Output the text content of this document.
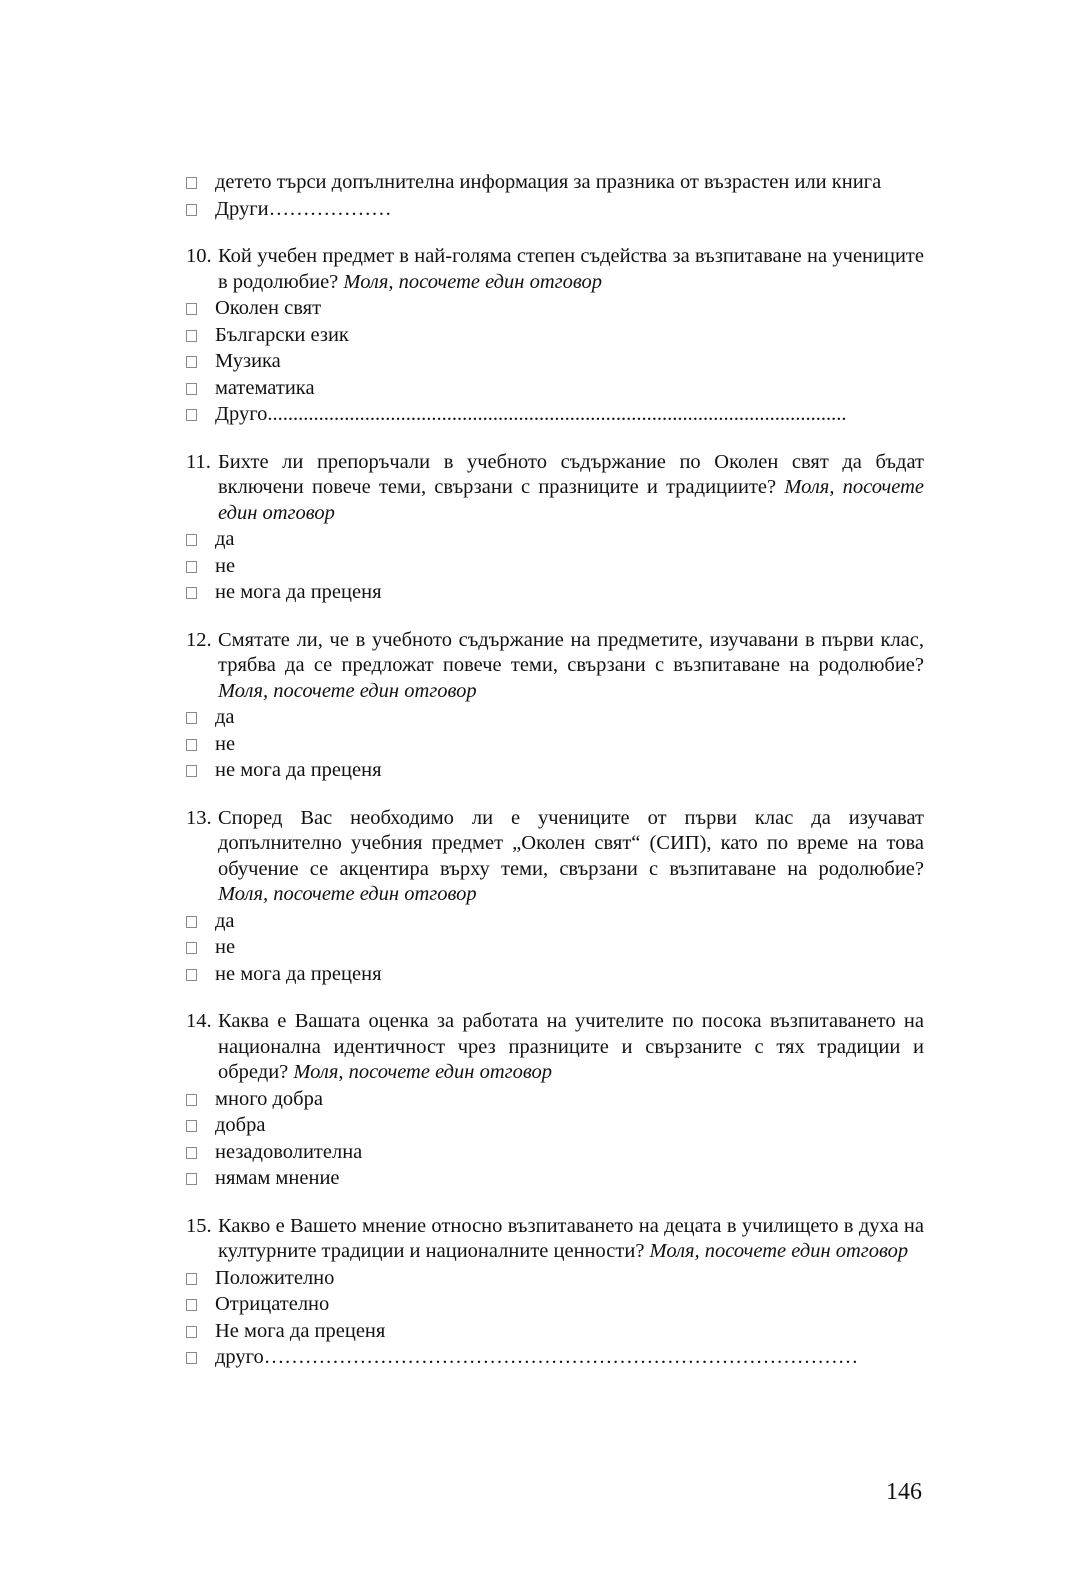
детето търси допълнителна информация за празника от възрастен или книга
Други………………
10. Кой учебен предмет в най-голяма степен съдейства за възпитаване на учениците в родолюбие? Моля, посочете един отговор
Околен свят
Български език
Музика
математика
Друго.................................................................................................................
11. Бихте ли препоръчали в учебното съдържание по Околен свят да бъдат включени повече теми, свързани с празниците и традициите? Моля, посочете един отговор
да
не
не мога да преценя
12. Смятате ли, че в учебното съдържание на предметите, изучавани в първи клас, трябва да се предложат повече теми, свързани с възпитаване на родолюбие? Моля, посочете един отговор
да
не
не мога да преценя
13. Според Вас необходимо ли е учениците от първи клас да изучават допълнително учебния предмет „Околен свят“ (СИП), като по време на това обучение се акцентира върху теми, свързани с възпитаване на родолюбие? Моля, посочете един отговор
да
не
не мога да преценя
14. Каква е Вашата оценка за работата на учителите по посока възпитаването на национална идентичност чрез празниците и свързаните с тях традиции и обреди? Моля, посочете един отговор
много добра
добра
незадоволителна
нямам мнение
15. Какво е Вашето мнение относно възпитаването на децата в училището в духа на културните традиции и националните ценности? Моля, посочете един отговор
Положително
Отрицателно
Не мога да преценя
друго……………………………………………………………………………
146
